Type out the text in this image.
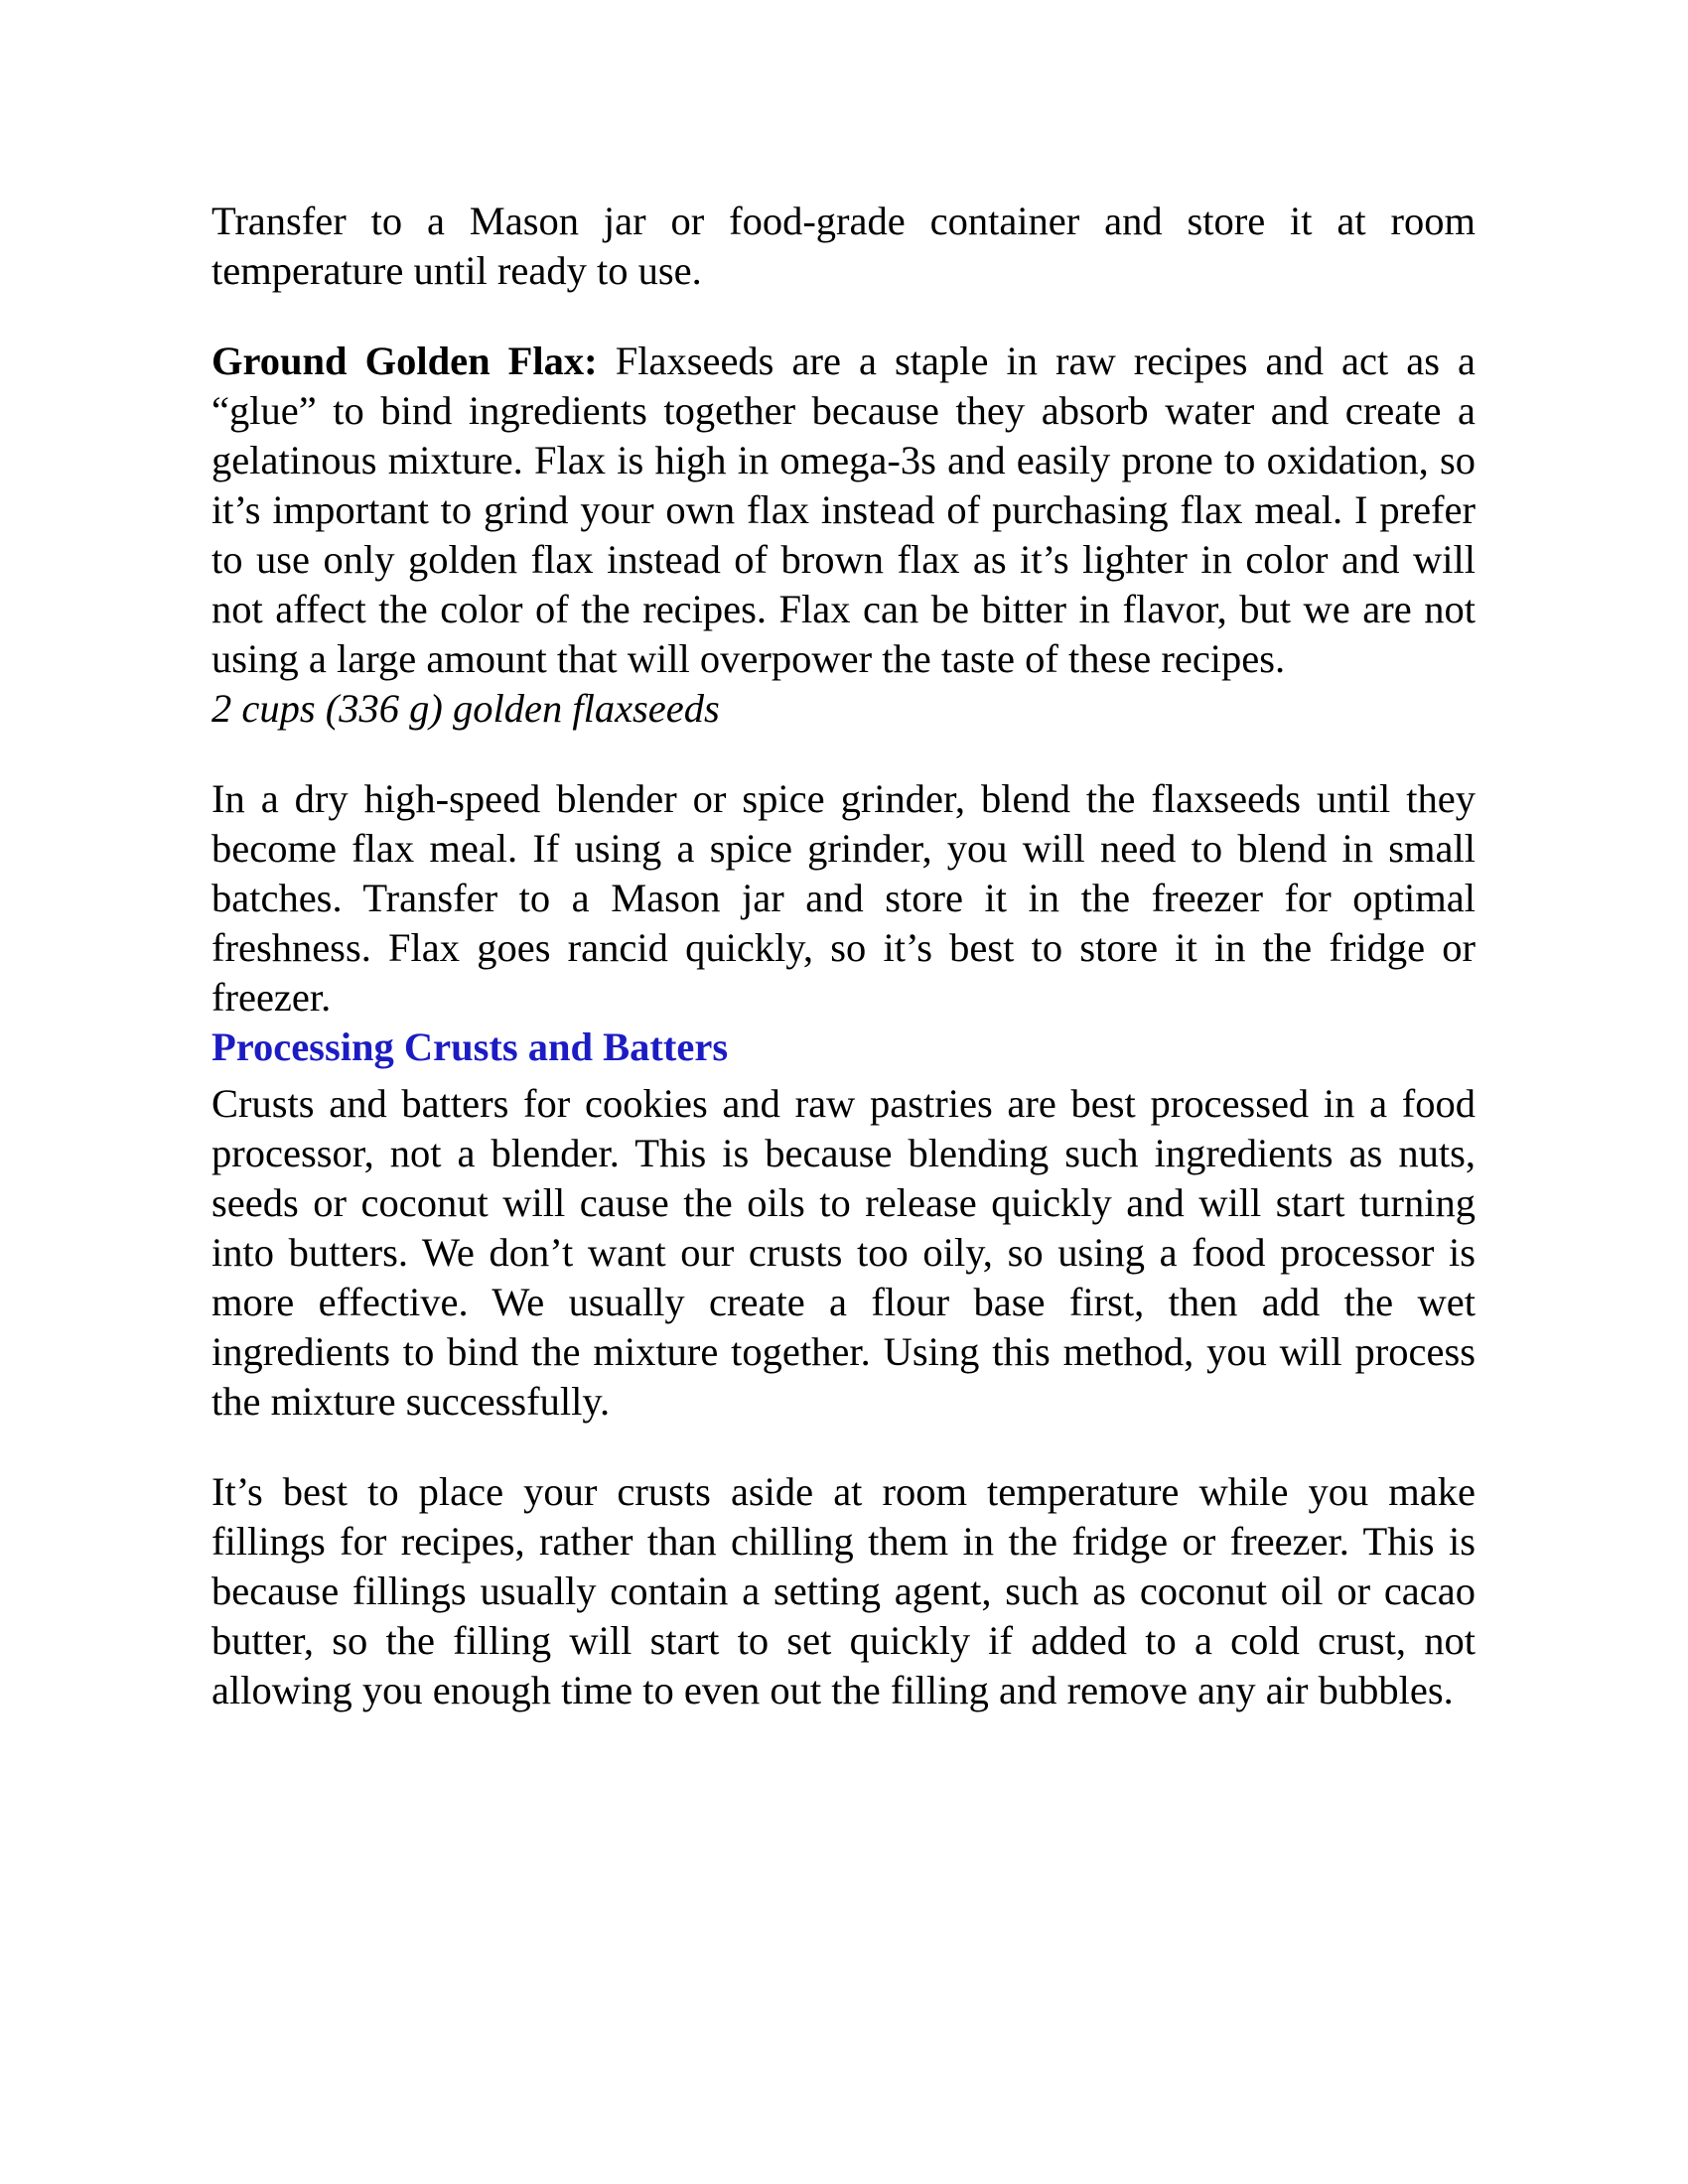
Transfer to a Mason jar or food-grade container and store it at room temperature until ready to use.

Ground Golden Flax: Flaxseeds are a staple in raw recipes and act as a “glue” to bind ingredients together because they absorb water and create a gelatinous mixture. Flax is high in omega-3s and easily prone to oxidation, so it’s important to grind your own flax instead of purchasing flax meal. I prefer to use only golden flax instead of brown flax as it’s lighter in color and will not affect the color of the recipes. Flax can be bitter in flavor, but we are not using a large amount that will overpower the taste of these recipes.

2 cups (336 g) golden flaxseeds

In a dry high-speed blender or spice grinder, blend the flaxseeds until they become flax meal. If using a spice grinder, you will need to blend in small batches. Transfer to a Mason jar and store it in the freezer for optimal freshness. Flax goes rancid quickly, so it’s best to store it in the fridge or freezer.

Processing Crusts and Batters

Crusts and batters for cookies and raw pastries are best processed in a food processor, not a blender. This is because blending such ingredients as nuts, seeds or coconut will cause the oils to release quickly and will start turning into butters. We don’t want our crusts too oily, so using a food processor is more effective. We usually create a flour base first, then add the wet ingredients to bind the mixture together. Using this method, you will process the mixture successfully.

It’s best to place your crusts aside at room temperature while you make fillings for recipes, rather than chilling them in the fridge or freezer. This is because fillings usually contain a setting agent, such as coconut oil or cacao butter, so the filling will start to set quickly if added to a cold crust, not allowing you enough time to even out the filling and remove any air bubbles.
